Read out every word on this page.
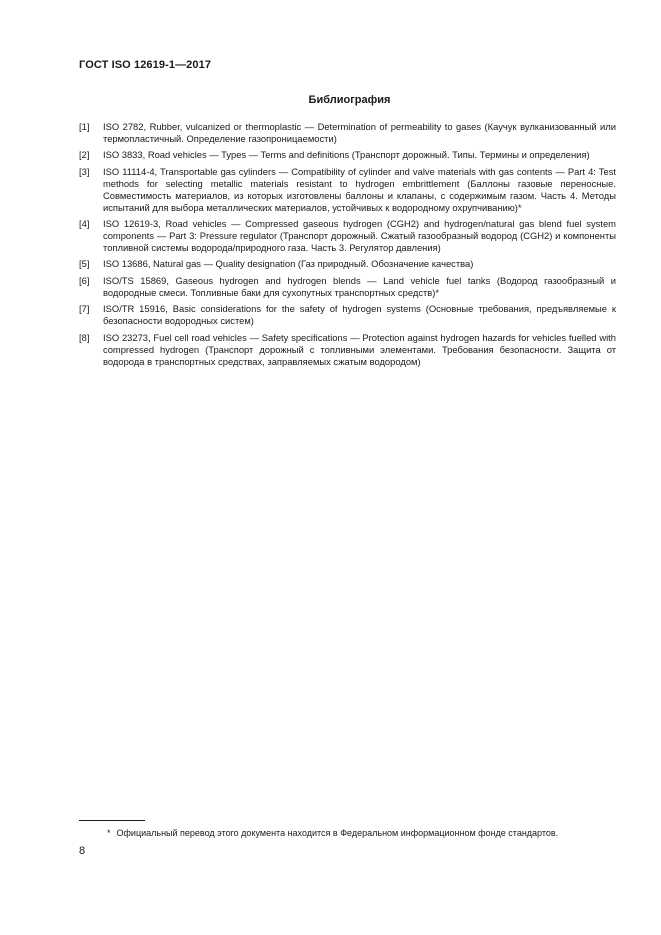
ГОСТ ISO 12619-1—2017
Библиография
[1]	ISO 2782, Rubber, vulcanized or thermoplastic — Determination of permeability to gases (Каучук вулканизованный или термопластичный. Определение газопроницаемости)
[2]	ISO 3833, Road vehicles — Types — Terms and definitions (Транспорт дорожный. Типы. Термины и определения)
[3]	ISO 11114-4, Transportable gas cylinders — Compatibility of cylinder and valve materials with gas contents — Part 4: Test methods for selecting metallic materials resistant to hydrogen embrittlement (Баллоны газовые переносные. Совместимость материалов, из которых изготовлены баллоны и клапаны, с содержимым газом. Часть 4. Методы испытаний для выбора металлических материалов, устойчивых к водородному охрупчиванию)*
[4]	ISO 12619-3, Road vehicles — Compressed gaseous hydrogen (CGH2) and hydrogen/natural gas blend fuel system components — Part 3: Pressure regulator (Транспорт дорожный. Сжатый газообразный водород (CGH2) и компоненты топливной системы водорода/природного газа. Часть 3. Регулятор давления)
[5]	ISO 13686, Natural gas — Quality designation (Газ природный. Обозначение качества)
[6]	ISO/TS 15869, Gaseous hydrogen and hydrogen blends — Land vehicle fuel tanks (Водород газообразный и водородные смеси. Топливные баки для сухопутных транспортных средств)*
[7]	ISO/TR 15916, Basic considerations for the safety of hydrogen systems (Основные требования, предъявляемые к безопасности водородных систем)
[8]	ISO 23273, Fuel cell road vehicles — Safety specifications — Protection against hydrogen hazards for vehicles fuelled with compressed hydrogen (Транспорт дорожный с топливными элементами. Требования безопасности. Защита от водорода в транспортных средствах, заправляемых сжатым водородом)
* Официальный перевод этого документа находится в Федеральном информационном фонде стандартов.
8
